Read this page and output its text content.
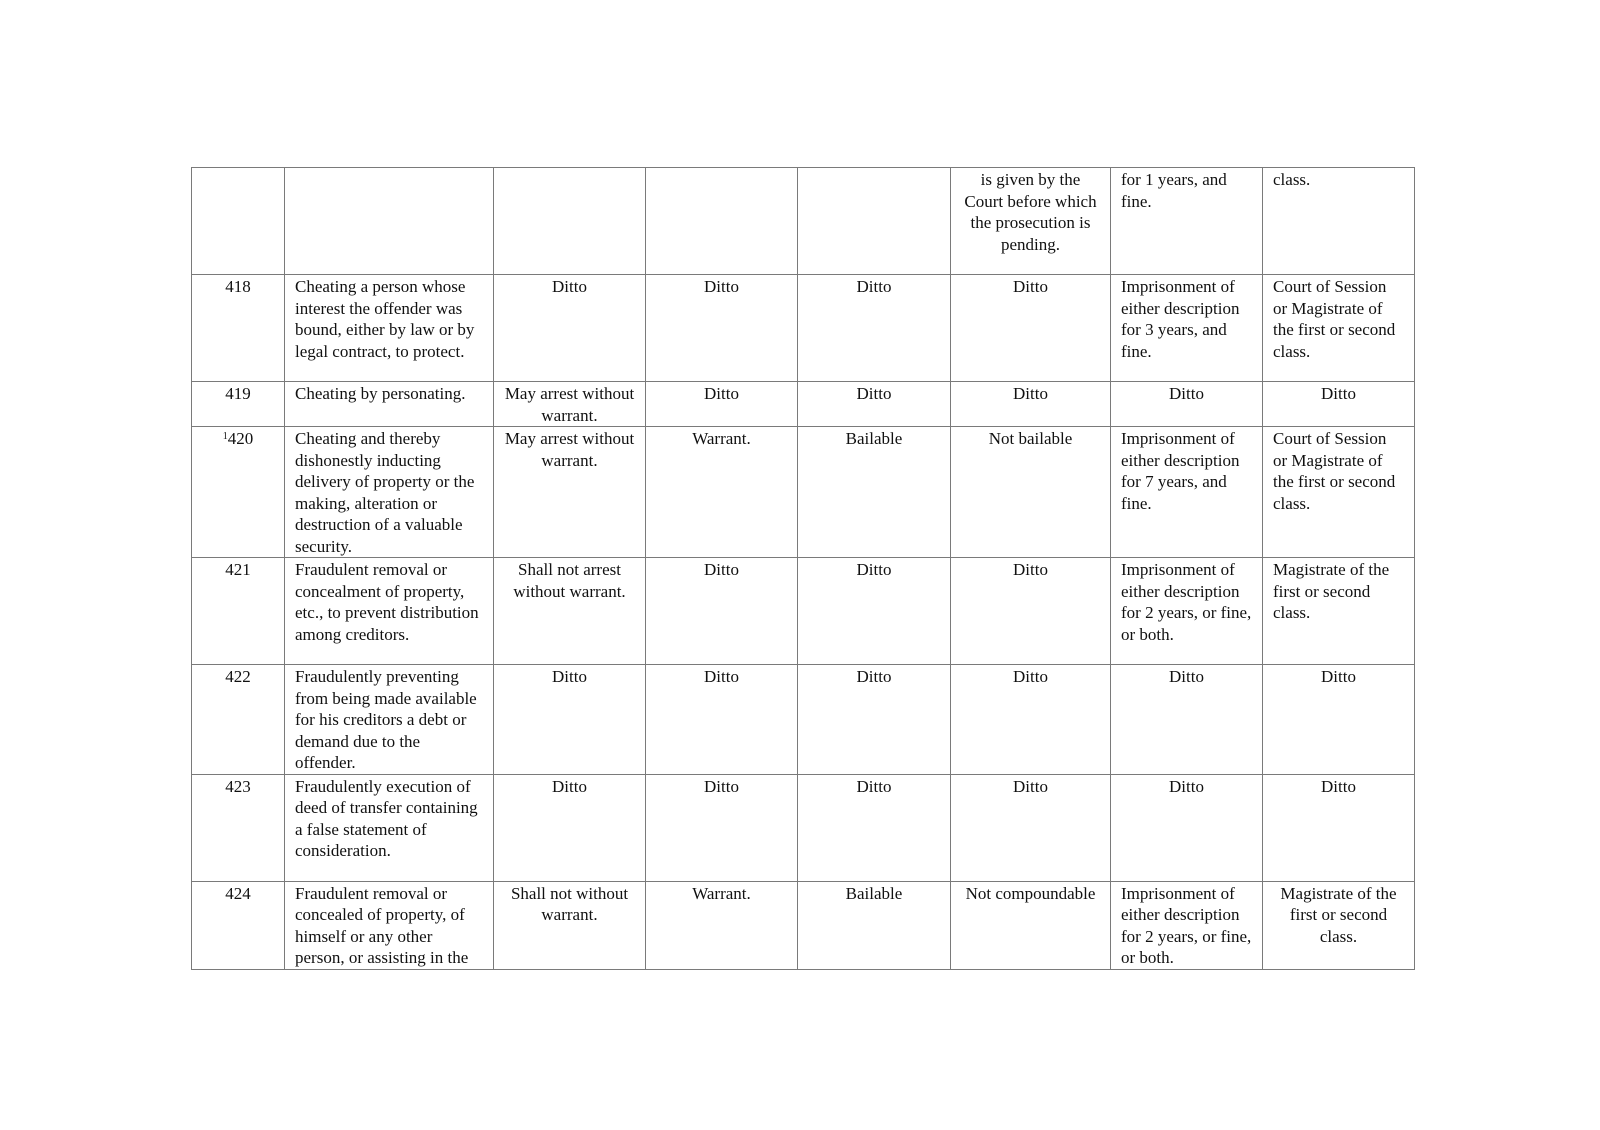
					is given by the Court before which the prosecution is pending.	for 1 years, and fine.	class.
418	Cheating a person whose interest the offender was bound, either by law or by legal contract, to protect.	Ditto	Ditto	Ditto	Ditto	Imprisonment of either description for 3 years, and fine.	Court of Session or Magistrate of the first or second class.
419	Cheating by personating.	May arrest without warrant.	Ditto	Ditto	Ditto	Ditto	Ditto
$^1$420	Cheating and thereby dishonestly inducting delivery of property or the making, alteration or destruction of a valuable security.	May arrest without warrant.	Warrant.	Bailable	Not bailable	Imprisonment of either description for 7 years, and fine.	Court of Session or Magistrate of the first or second class.
421	Fraudulent removal or concealment of property, etc., to prevent distribution among creditors.	Shall not arrest without warrant.	Ditto	Ditto	Ditto	Imprisonment of either description for 2 years, or fine, or both.	Magistrate of the first or second class.
422	Fraudulently preventing from being made available for his creditors a debt or demand due to the offender.	Ditto	Ditto	Ditto	Ditto	Ditto	Ditto
423	Fraudulently execution of deed of transfer containing a false statement of consideration.	Ditto	Ditto	Ditto	Ditto	Ditto	Ditto
424	Fraudulent removal or concealed of property, of himself or any other person, or assisting in the	Shall not without warrant.	Warrant.	Bailable	Not compoundable	Imprisonment of either description for 2 years, or fine, or both.	Magistrate of the first or second class.
